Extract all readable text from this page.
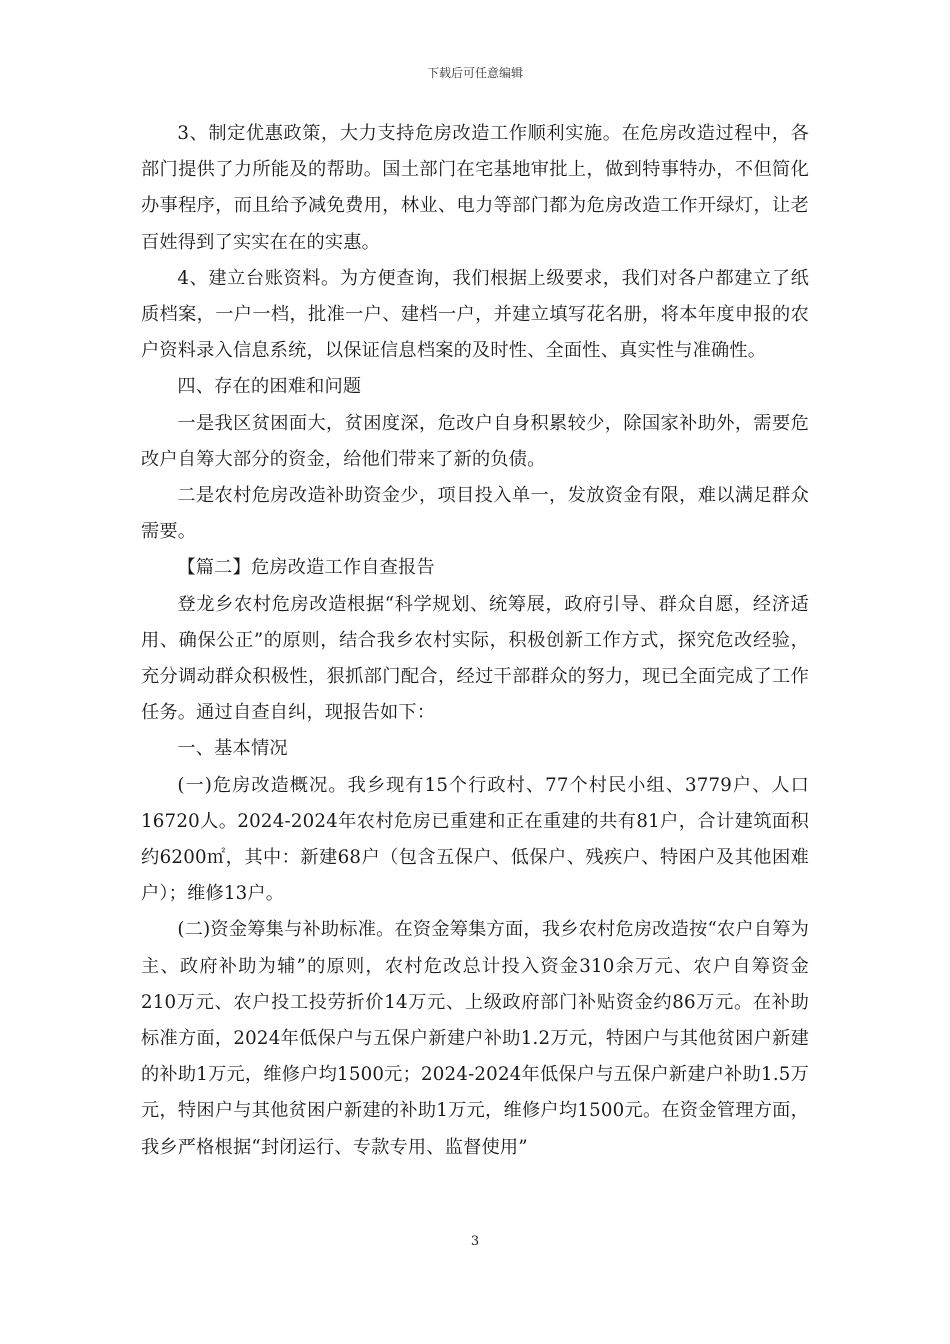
下载后可任意编辑

3、制定优惠政策，大力支持危房改造工作顺利实施。在危房改造过程中，各部门提供了力所能及的帮助。国土部门在宅基地审批上，做到特事特办，不但简化办事程序，而且给予减免费用，林业、电力等部门都为危房改造工作开绿灯，让老百姓得到了实实在在的实惠。

4、建立台账资料。为方便查询，我们根据上级要求，我们对各户都建立了纸质档案，一户一档，批准一户、建档一户，并建立填写花名册，将本年度申报的农户资料录入信息系统，以保证信息档案的及时性、全面性、真实性与准确性。

四、存在的困难和问题

一是我区贫困面大，贫困度深，危改户自身积累较少，除国家补助外，需要危改户自筹大部分的资金，给他们带来了新的负债。

二是农村危房改造补助资金少，项目投入单一，发放资金有限，难以满足群众需要。

【篇二】危房改造工作自查报告

登龙乡农村危房改造根据“科学规划、统筹展，政府引导、群众自愿，经济适用、确保公正”的原则，结合我乡农村实际，积极创新工作方式，探究危改经验，充分调动群众积极性，狠抓部门配合，经过干部群众的努力，现已全面完成了工作任务。通过自查自纠，现报告如下：

一、基本情况

(一)危房改造概况。我乡现有15个行政村、77个村民小组、3779户、人口16720人。2024-2024年农村危房已重建和正在重建的共有81户，合计建筑面积约6200㎡，其中：新建68户（包含五保户、低保户、残疾户、特困户及其他困难户）；维修13户。

(二)资金筹集与补助标准。在资金筹集方面，我乡农村危房改造按“农户自筹为主、政府补助为辅”的原则，农村危改总计投入资金310余万元、农户自筹资金210万元、农户投工投劳折价14万元、上级政府部门补贴资金约86万元。在补助标准方面，2024年低保户与五保户新建户补助1.2万元，特困户与其他贫困户新建的补助1万元，维修户均1500元；2024-2024年低保户与五保户新建户补助1.5万元，特困户与其他贫困户新建的补助1万元，维修户均1500元。在资金管理方面，我乡严格根据“封闭运行、专款专用、监督使用”

3
